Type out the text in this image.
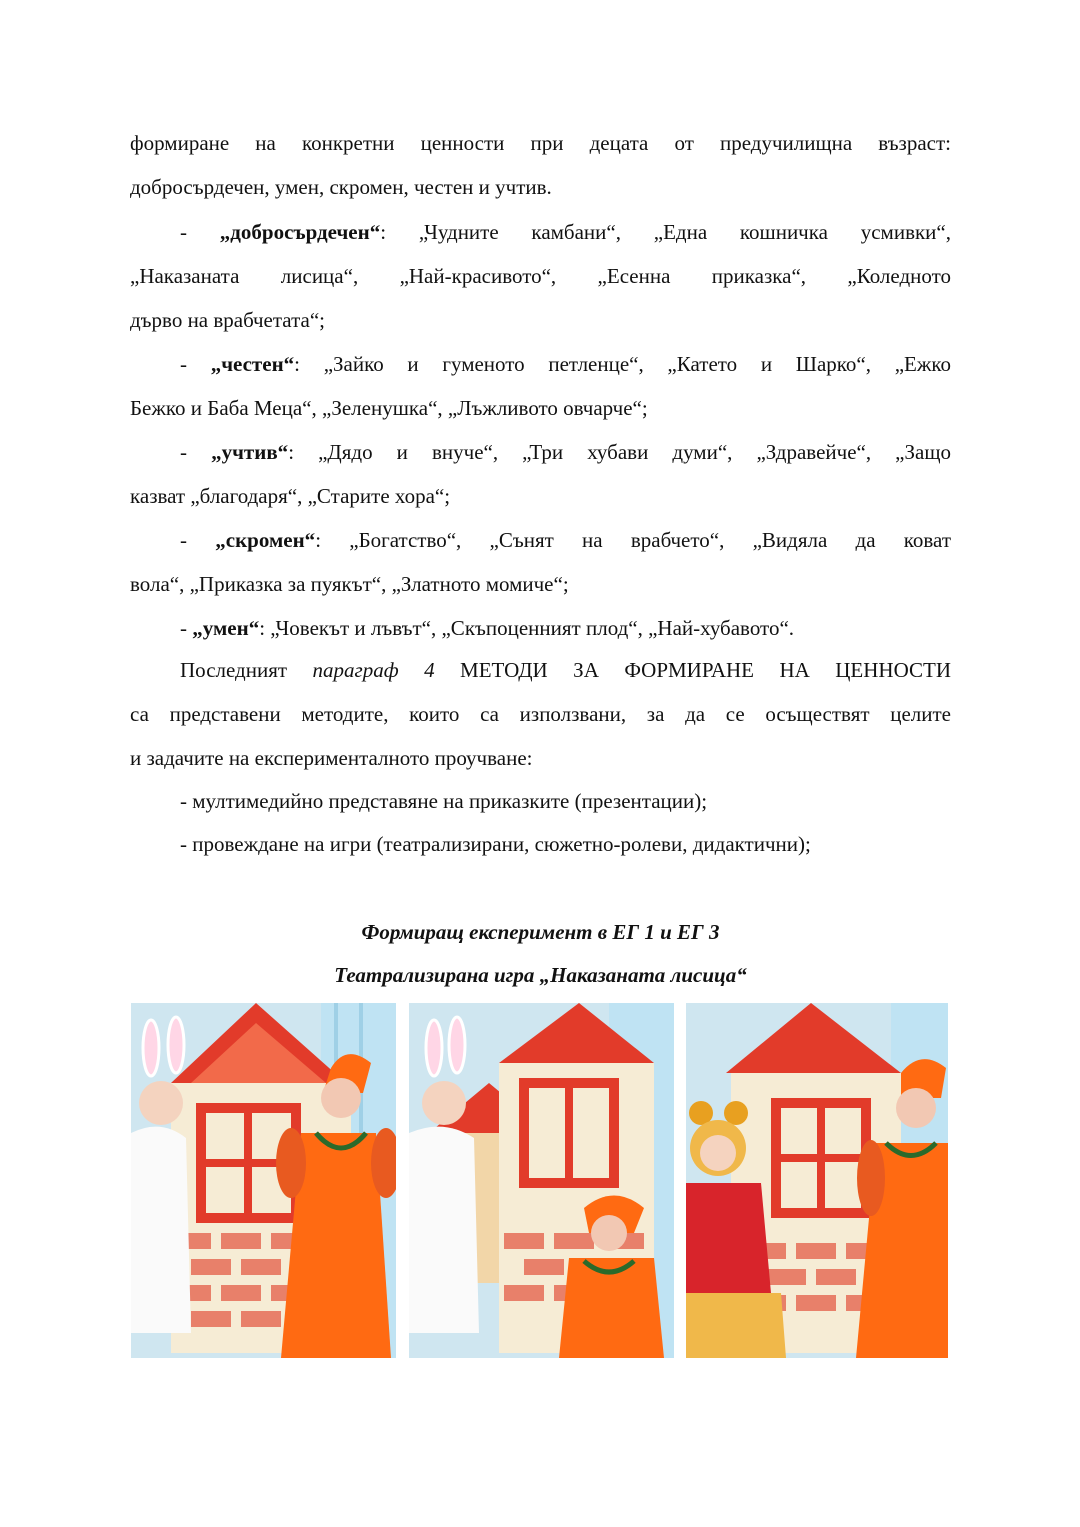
формиране на конкретни ценности при децата от предучилищна възраст:

добросърдечен, умен, скромен, честен и учтив.

- „добросърдечен“: „Чудните камбани“, „Една кошничка усмивки“,

„Наказаната лисица“, „Най-красивото“, „Есенна приказка“, „Коледното

дърво на врабчетата“;

- „честен“: „Зайко и гуменото петленце“, „Катето и Шарко“, „Ежко

Бежко и Баба Меца“, „Зеленушка“, „Лъжливото овчарче“;

- „учтив“: „Дядо и внуче“, „Три хубави думи“, „Здравейче“, „Защо

казват „благодаря“, „Старите хора“;

- „скромен“: „Богатство“, „Сънят на врабчето“, „Видяла да коват

вола“, „Приказка за пуякът“, „Златното момиче“;

- „умен“: „Човекът и лъвът“, „Скъпоценният плод“, „Най-хубавото“.

Последният параграф 4 МЕТОДИ ЗА ФОРМИРАНЕ НА ЦЕННОСТИ

са представени методите, които са използвани, за да се осъществят целите

и задачите на експерименталното проучване:

- мултимедийно представяне на приказките (презентации);

- провеждане на игри (театрализирани, сюжетно-ролеви, дидактични);

Формиращ експеримент в ЕГ 1 и ЕГ 3
Театрализирана игра „Наказаната лисица“
